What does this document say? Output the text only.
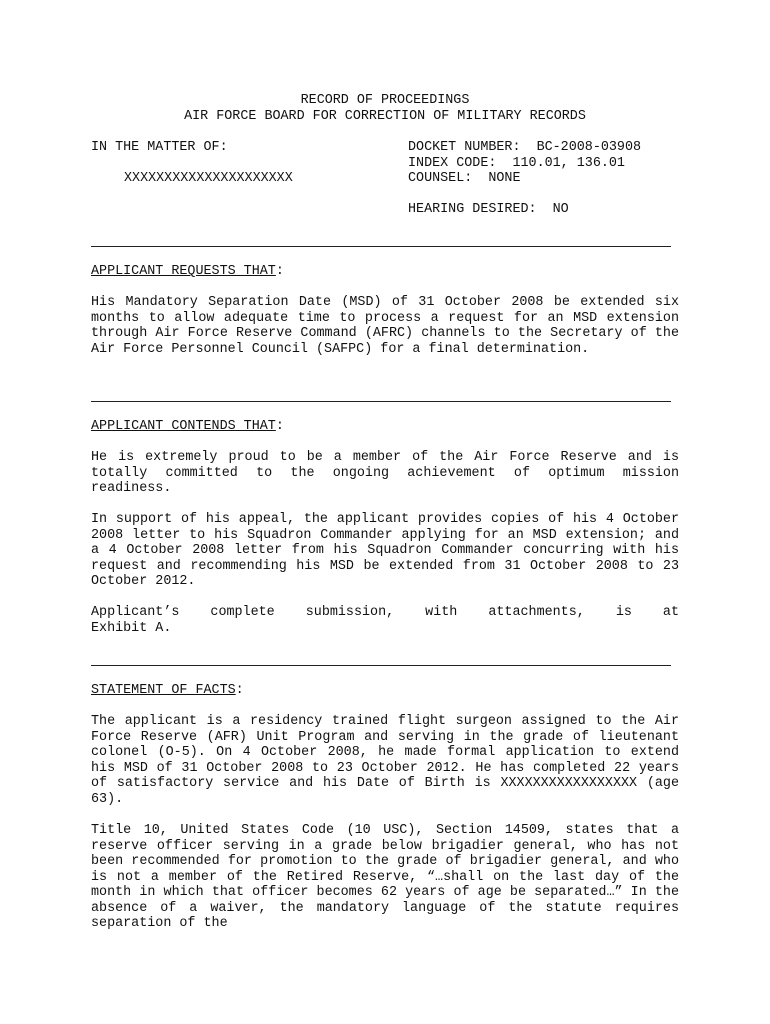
RECORD OF PROCEEDINGS
AIR FORCE BOARD FOR CORRECTION OF MILITARY RECORDS
IN THE MATTER OF:
XXXXXXXXXXXXXXXXXXXXX
DOCKET NUMBER:  BC-2008-03908
INDEX CODE:  110.01, 136.01
COUNSEL:  NONE
HEARING DESIRED:  NO
APPLICANT REQUESTS THAT:

His Mandatory Separation Date (MSD) of 31 October 2008 be extended six months to allow adequate time to process a request for an MSD extension through Air Force Reserve Command (AFRC) channels to the Secretary of the Air Force Personnel Council (SAFPC) for a final determination.

APPLICANT CONTENDS THAT:

He is extremely proud to be a member of the Air Force Reserve and is totally committed to the ongoing achievement of optimum mission readiness.

In support of his appeal, the applicant provides copies of his 4 October 2008 letter to his Squadron Commander applying for an MSD extension; and a 4 October 2008 letter from his Squadron Commander concurring with his request and recommending his MSD be extended from 31 October 2008 to 23 October 2012.

Applicant’s complete submission, with attachments, is at

Exhibit A.
STATEMENT OF FACTS:

The applicant is a residency trained flight surgeon assigned to the Air Force Reserve (AFR) Unit Program and serving in the grade of lieutenant colonel (O-5). On 4 October 2008, he made formal application to extend his MSD of 31 October 2008 to 23 October 2012. He has completed 22 years of satisfactory service and his Date of Birth is XXXXXXXXXXXXXXXXX (age 63).

Title 10, United States Code (10 USC), Section 14509, states that a reserve officer serving in a grade below brigadier general, who has not been recommended for promotion to the grade of brigadier general, and who is not a member of the Retired Reserve, “…shall on the last day of the month in which that officer becomes 62 years of age be separated…” In the absence of a waiver, the mandatory language of the statute requires separation of the
